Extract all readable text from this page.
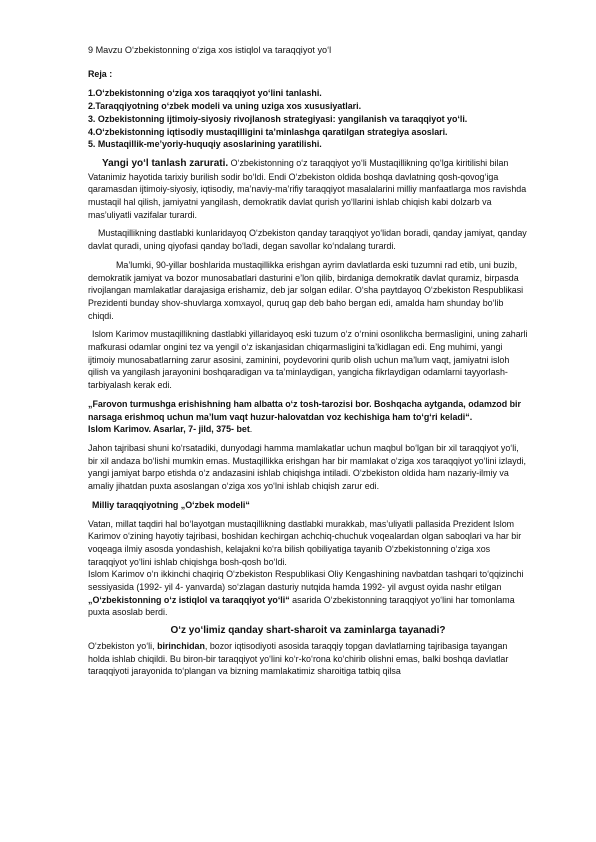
9 Mavzu O‘zbekistonning o‘ziga xos istiqlol va taraqqiyot yo‘l

Reja :

1.O‘zbekistonning o‘ziga xos taraqqiyot yo‘lini tanlashi.

2.Taraqqiyotning o‘zbek modeli va uning uziga xos xususiyatlari.

3. Ozbekistonning ijtimoiy-siyosiy rivojlanosh strategiyasi: yangilanish va taraqqiyot yo‘li.

4.O‘zbekistonning iqtisodiy mustaqilligini ta’minlashga qaratilgan strategiya asoslari.

5. Mustaqillik-me’yoriy-huquqiy asoslarining yaratilishi.

Yangi yo‘l tanlash zarurati. O‘zbekistonning o‘z taraqqiyot yo‘li Mustaqillikning qo‘lga kiritilishi bilan Vatanimiz hayotida tarixiy burilish sodir bo‘ldi. Endi O‘zbekiston oldida boshqa davlatning qosh-qovog‘iga qaramasdan ijtimoiy-siyosiy, iqtisodiy, ma’naviy-ma’rifiy taraqqiyot masalalarini milliy manfaatlarga mos ravishda mustaqil hal qilish, jamiyatni yangilash, demokratik davlat qurish yo‘llarini ishlab chiqish kabi dolzarb va mas’uliyatli vazifalar turardi.

Mustaqillikning dastlabki kunlaridayoq O‘zbekiston qanday taraqqiyot yo‘lidan boradi, qanday jamiyat, qanday davlat quradi, uning qiyofasi qanday bo‘ladi, degan savollar ko‘ndalang turardi.

Ma’lumki, 90-yillar boshlarida mustaqillikka erishgan ayrim davlatlarda eski tuzumni rad etib, uni buzib, demokratik jamiyat va bozor munosabatlari dasturini e’lon qilib, birdaniga demokratik davlat quramiz, birpasda rivojlangan mamlakatlar darajasiga erishamiz, deb jar solgan edilar. O‘sha paytdayoq O‘zbekiston Respublikasi Prezidenti bunday shov-shuvlarga xomxayol, quruq gap deb baho bergan edi, amalda ham shunday bo‘lib chiqdi.

Islom Karimov mustaqillikning dastlabki yillaridayoq eski tuzum o‘z o‘rnini osonlikcha bermasligini, uning zaharli mafkurasi odamlar ongini tez va yengil o‘z iskanjasidan chiqarmasligini ta’kidlagan edi. Eng muhimi, yangi ijtimoiy munosabatlarning zarur asosini, zaminini, poydevorini qurib olish uchun ma’lum vaqt, jamiyatni isloh qilish va yangilash jarayonini boshqaradigan va ta’minlaydigan, yangicha fikrlaydigan odamlarni tayyorlash-tarbiyalash kerak edi.

„Farovon turmushga erishishning ham albatta o‘z tosh-tarozisi bor. Boshqacha aytganda, odamzod bir narsaga erishmoq uchun ma’lum vaqt huzur-halovatdan voz kechishiga ham to‘g‘ri keladi“.

Islom Karimov. Asarlar, 7- jild, 375- bet.

Jahon tajribasi shuni ko‘rsatadiki, dunyodagi hamma mamlakatlar uchun maqbul bo‘lgan bir xil taraqqiyot yo‘li, bir xil andaza bo‘lishi mumkin emas. Mustaqillikka erishgan har bir mamlakat o‘ziga xos taraqqiyot yo‘lini izlaydi, yangi jamiyat barpo etishda o‘z andazasini ishlab chiqishga intiladi. O‘zbekiston oldida ham nazariy-ilmiy va amaliy jihatdan puxta asoslangan o‘ziga xos yo‘lni ishlab chiqish zarur edi.

Milliy taraqqiyotning „O‘zbek modeli“

Vatan, millat taqdiri hal bo‘layotgan mustaqillikning dastlabki murakkab, mas’uliyatli pallasida Prezident Islom Karimov o‘zining hayotiy tajribasi, boshidan kechirgan achchiq-chuchuk voqealardan olgan saboqlari va har bir voqeaga ilmiy asosda yondashish, kelajakni ko‘ra bilish qobiliyatiga tayanib O‘zbekistonning o‘ziga xos taraqqiyot yo‘lini ishlab chiqishga bosh-qosh bo‘ldi.

Islom Karimov o‘n ikkinchi chaqiriq O‘zbekiston Respublikasi Oliy Kengashining navbatdan tashqari to‘qqizinchi sessiyasida (1992- yil 4- yanvarda) so‘zlagan dasturiy nutqida hamda 1992- yil avgust oyida nashr etilgan „O‘zbekistonning o‘z istiqlol va taraqqiyot yo‘li“ asarida O‘zbekistonning taraqqiyot yo‘lini har tomonlama puxta asoslab berdi.

O‘z yo‘limiz qanday shart-sharoit va zaminlarga tayanadi?

O‘zbekiston yo‘li, birinchidan, bozor iqtisodiyoti asosida taraqqiy topgan davlatlarning tajribasiga tayangan holda ishlab chiqildi. Bu biron-bir taraqqiyot yo‘lini ko‘r-ko‘rona ko‘chirib olishni emas, balki boshqa davlatlar taraqqiyoti jarayonida to‘plangan va bizning mamlakatimiz sharoitiga tatbiq qilsa
